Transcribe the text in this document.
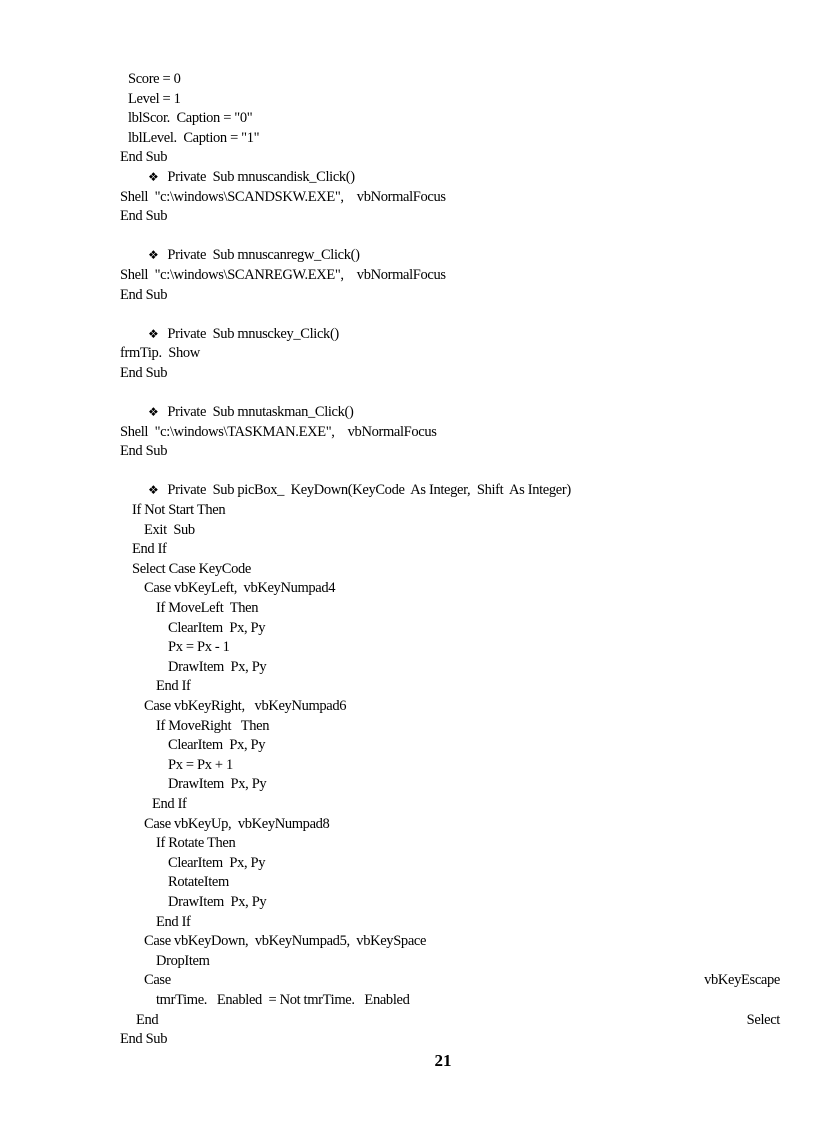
Score = 0
Level = 1
lblScor.  Caption = "0"
lblLevel.  Caption = "1"
End Sub
❖ Private  Sub mnuscandisk_Click()
Shell  "c:\windows\SCANDSKW.EXE",    vbNormalFocus
End Sub
❖ Private  Sub mnuscanregw_Click()
Shell  "c:\windows\SCANREGW.EXE",    vbNormalFocus
End Sub
❖ Private  Sub mnusckey_Click()
frmTip.  Show
End Sub
❖ Private  Sub mnutaskman_Click()
Shell  "c:\windows\TASKMAN.EXE",    vbNormalFocus
End Sub
❖ Private  Sub picBox_  KeyDown(KeyCode  As Integer,  Shift  As Integer)
If Not Start Then
Exit  Sub
End If
Select Case KeyCode
Case vbKeyLeft,  vbKeyNumpad4
If MoveLeft  Then
ClearItem  Px, Py
Px = Px - 1
DrawItem  Px, Py
End If
Case vbKeyRight,   vbKeyNumpad6
If MoveRight   Then
ClearItem  Px, Py
Px = Px + 1
DrawItem  Px, Py
End If
Case vbKeyUp,  vbKeyNumpad8
If Rotate Then
ClearItem  Px, Py
RotateItem
DrawItem  Px, Py
End If
Case vbKeyDown,  vbKeyNumpad5,  vbKeySpace
DropItem
Case	vbKeyEscape
tmrTime.   Enabled  = Not tmrTime.   Enabled
End	Select
End Sub
21
